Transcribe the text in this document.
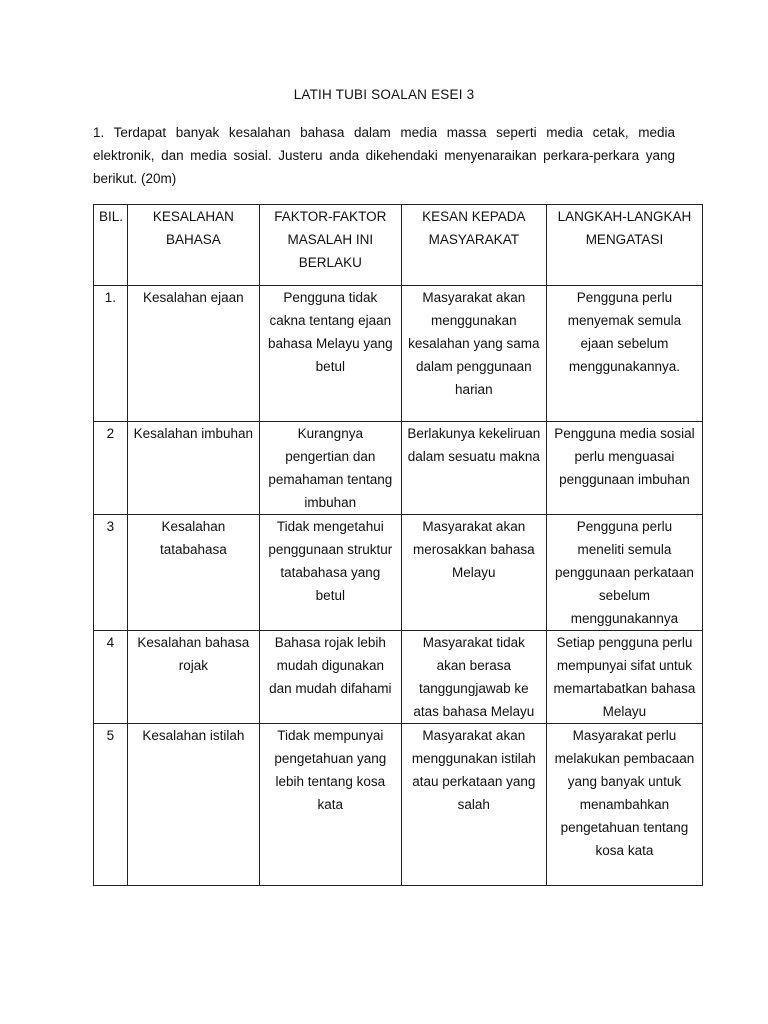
LATIH TUBI SOALAN ESEI 3
1. Terdapat banyak kesalahan bahasa dalam media massa seperti media cetak, media elektronik, dan media sosial. Justeru anda dikehendaki menyenaraikan perkara-perkara yang berikut. (20m)
BIL.	KESALAHAN BAHASA	FAKTOR-FAKTOR MASALAH INI BERLAKU	KESAN KEPADA MASYARAKAT	LANGKAH-LANGKAH MENGATASI
1.	Kesalahan ejaan	Pengguna tidak cakna tentang ejaan bahasa Melayu yang betul	Masyarakat akan menggunakan kesalahan yang sama dalam penggunaan harian	Pengguna perlu menyemak semula ejaan sebelum menggunakannya.
2	Kesalahan imbuhan	Kurangnya pengertian dan pemahaman tentang imbuhan	Berlakunya kekeliruan dalam sesuatu makna	Pengguna media sosial perlu menguasai penggunaan imbuhan
3	Kesalahan tatabahasa	Tidak mengetahui penggunaan struktur tatabahasa yang betul	Masyarakat akan merosakkan bahasa Melayu	Pengguna perlu meneliti semula penggunaan perkataan sebelum menggunakannya
4	Kesalahan bahasa rojak	Bahasa rojak lebih mudah digunakan dan mudah difahami	Masyarakat tidak akan berasa tanggungjawab ke atas bahasa Melayu	Setiap pengguna perlu mempunyai sifat untuk memartabatkan bahasa Melayu
5	Kesalahan istilah	Tidak mempunyai pengetahuan yang lebih tentang kosa kata	Masyarakat akan menggunakan istilah atau perkataan yang salah	Masyarakat perlu melakukan pembacaan yang banyak untuk menambahkan pengetahuan tentang kosa kata
